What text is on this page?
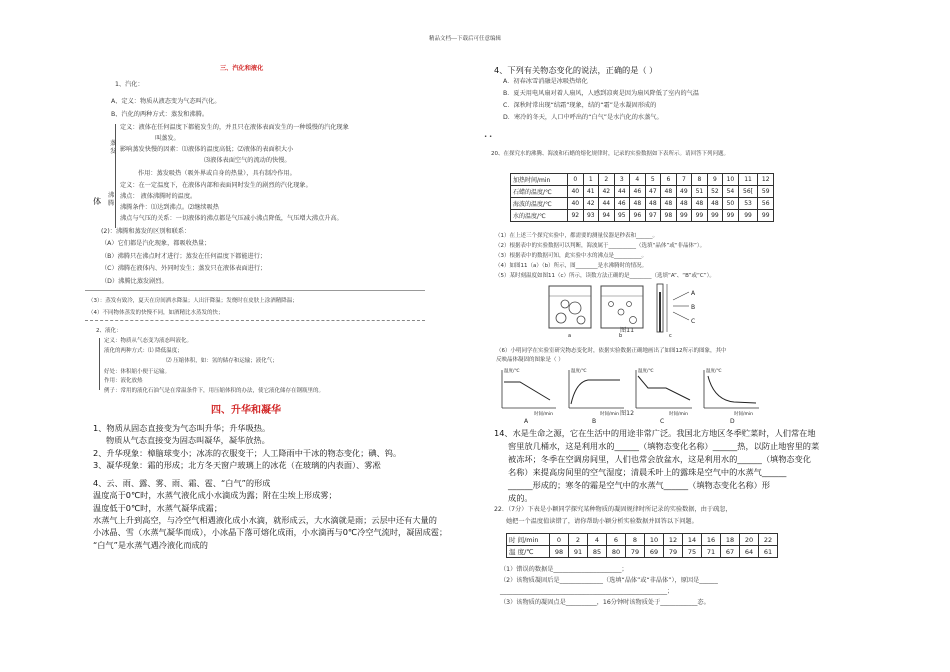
精品文档---下载后可任意编辑
三、汽化和液化
1、汽化：
A、定义：物质从液态变为气态叫汽化。
B、汽化的两种方式：蒸发和沸腾。
蒸发
定义：液体在任何温度下都能发生的，并且只在液体表面发生的一种缓慢的汽化现象
叫蒸发。
影响蒸发快慢的因素：⑴液体的温度高低；⑵液体的表面积大小
⑶液体表面空气的流动的快慢。
作用：蒸发吸热（吸外界或自身的热量），具有制冷作用。
体
沸腾
定义：在一定温度下，在液体内部和表面同时发生的剧烈的汽化现象。
沸点： 液体沸腾时的温度。
沸腾条件：⑴达到沸点。⑵继续吸热
沸点与气压的关系：一切液体的沸点都是气压减小沸点降低，气压增大沸点升高。
(2)：沸腾和蒸发的区别和联系：
（A）它们都是汽化现象，都吸收热量；
（B）沸腾只在沸点时才进行；蒸发在任何温度下都能进行；
（C）沸腾在液体内、外同时发生；蒸发只在液体表面进行；
（D）沸腾比蒸发剧烈。
（3）：蒸发有致冷，夏天在房间洒水降温；人出汗降温；发烧时在皮肤上涂酒精降温；
（4）不同物体蒸发的快慢不同，如酒精比水蒸发的快；
2、液化：
定义：物质从气态变为液态叫液化。
液化的两种方式：⑴ 降低温度；
⑵ 压缩体积，如：氢的储存和运输；液化气；
好处：体积缩小便于运输。
作用：液化放热
例子：常用的液化石油气是在常温条件下，用压缩体积的办法，使它液化储存在钢瓶里的。
四、升华和凝华
1、物质从固态直接变为气态叫升华；升华吸热。
物质从气态直接变为固态叫凝华，凝华放热。
2、升华现象：樟脑球变小；冰冻的衣服变干；人工降雨中干冰的物态变化；碘、钨。
3、凝华现象：霜的形成；北方冬天窗户玻璃上的冰花（在玻璃的内表面）、雾凇
4、云、雨、露、雾、雨、霜、雹、“白气”的形成
温度高于0℃时，水蒸气液化成小水滴成为露；附在尘埃上形成雾；
温度低于0℃时，水蒸气凝华成霜；
水蒸气上升到高空，与冷空气相遇液化成小水滴，就形成云，大水滴就是雨；云层中还有大量的
小冰晶、雪（水蒸气凝华而成），小冰晶下落可熔化成雨，小水滴再与0℃冷空气流时，凝固成雹；
“白气”是水蒸气遇冷液化而成的
4、下列有关物态变化的说法，正确的是（ ）
A．初春冰雪消融是冰吸热熔化
B．夏天用电风扇对着人扇风，人感到凉爽是因为扇风降低了室内的气温
C．深秋时常出现“结霜”现象，结的“霜”是水凝固形成的
D．寒冷的冬天，人口中呼出的“白气”是水汽化的水蒸气。
• •
20、在探究水的沸腾、海波和石蜡的熔化规律时，记录的实验数据如下表所示。请回答下列问题。
加热时间/min	0	1	2	3	4	5	6	7	8	9	10	11	12
石蜡的温度/℃	40	41	42	44	46	47	48	49	51	52	54	56[	59
海波的温度/℃	40	42	44	46	48	48	48	48	48	48	50	53	56
水的温度/℃	92	93	94	95	96	97	98	99	99	99	99	99	99
（1）在上述三个探究实验中，都需要的测量仪器是秒表和______。
（2）根据表中的实验数据可以判断，海波属于__________（选填“晶体”或“非晶体”）。
（3）根据表中的数据可知，此实验中水的沸点是__________。
（4）如图11（a）（b）所示，图________是水沸腾时的情况。
（5）某时刻温度如图11（c）所示，读数方法正确的是________（选填“A”、“B”或“C”）。
A
B
C
a	b	c
图11
（6）小明同学在实验室研究物态变化时，依据实验数据正确地画出了如图12所示的图象，其中
反映晶体凝固的图象是（ ）
温度/℃
时间/min
A
温度/℃
时间/min
B
温度/℃
时间/min
C
温度/℃
时间/min
D
图12
14、水是生命之源，它在生活中的用途非常广泛。我国北方地区冬季贮菜时，人们常在地
窖里放几桶水，这是利用水的______（填物态变化名称）______热，以防止地窖里的菜
被冻坏；冬季在空调房间里，人们也常会放盆水，这是利用水的______（填物态变化
名称）来提高房间里的空气湿度；清晨禾叶上的露珠是空气中的水蒸气______
______形成的；寒冬的霜是空气中的水蒸气______（填物态变化名称）形
成的。
22．（7分）下表是小颖同学探究某种物质的凝固规律时所记录的实验数据，由于疏忽，
她把一个温度值读错了，请你帮助小颖分析实验数据并回答以下问题。
时 间/min	0	2	4	6	8	10	12	14	16	18	20	22
温 度/℃	98	91	85	80	79	69	79	75	71	67	64	61
（1）错误的数据是______________________；
（2）该物质凝固后是______________（选填“晶体”或“非晶体”），原因是______
______________________________________________________；
（3）该物质的凝固点是__________，16分钟时该物质处于____________态。
